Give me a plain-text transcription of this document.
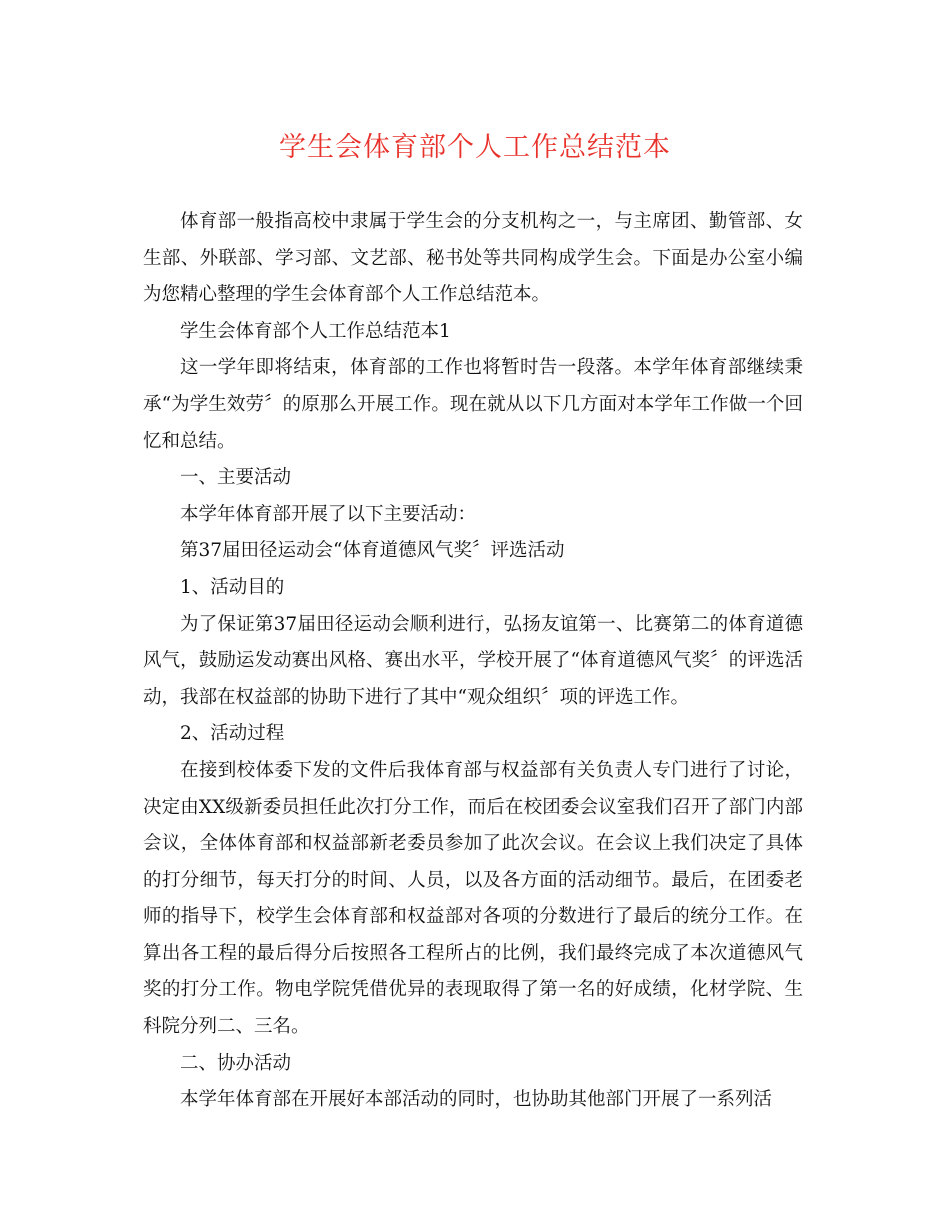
学生会体育部个人工作总结范本

体育部一般指高校中隶属于学生会的分支机构之一，与主席团、勤管部、女生部、外联部、学习部、文艺部、秘书处等共同构成学生会。下面是办公室小编为您精心整理的学生会体育部个人工作总结范本。

学生会体育部个人工作总结范本1

这一学年即将结束，体育部的工作也将暂时告一段落。本学年体育部继续秉承“为学生效劳〞的原那么开展工作。现在就从以下几方面对本学年工作做一个回忆和总结。

一、主要活动

本学年体育部开展了以下主要活动：

第37届田径运动会“体育道德风气奖〞评选活动

1、活动目的

为了保证第37届田径运动会顺利进行，弘扬友谊第一、比赛第二的体育道德风气，鼓励运发动赛出风格、赛出水平，学校开展了“体育道德风气奖〞的评选活动，我部在权益部的协助下进行了其中“观众组织〞项的评选工作。

2、活动过程

在接到校体委下发的文件后我体育部与权益部有关负责人专门进行了讨论，决定由XX级新委员担任此次打分工作，而后在校团委会议室我们召开了部门内部会议，全体体育部和权益部新老委员参加了此次会议。在会议上我们决定了具体的打分细节，每天打分的时间、人员，以及各方面的活动细节。最后，在团委老师的指导下，校学生会体育部和权益部对各项的分数进行了最后的统分工作。在算出各工程的最后得分后按照各工程所占的比例，我们最终完成了本次道德风气奖的打分工作。物电学院凭借优异的表现取得了第一名的好成绩，化材学院、生科院分列二、三名。

二、协办活动

本学年体育部在开展好本部活动的同时，也协助其他部门开展了一系列活
